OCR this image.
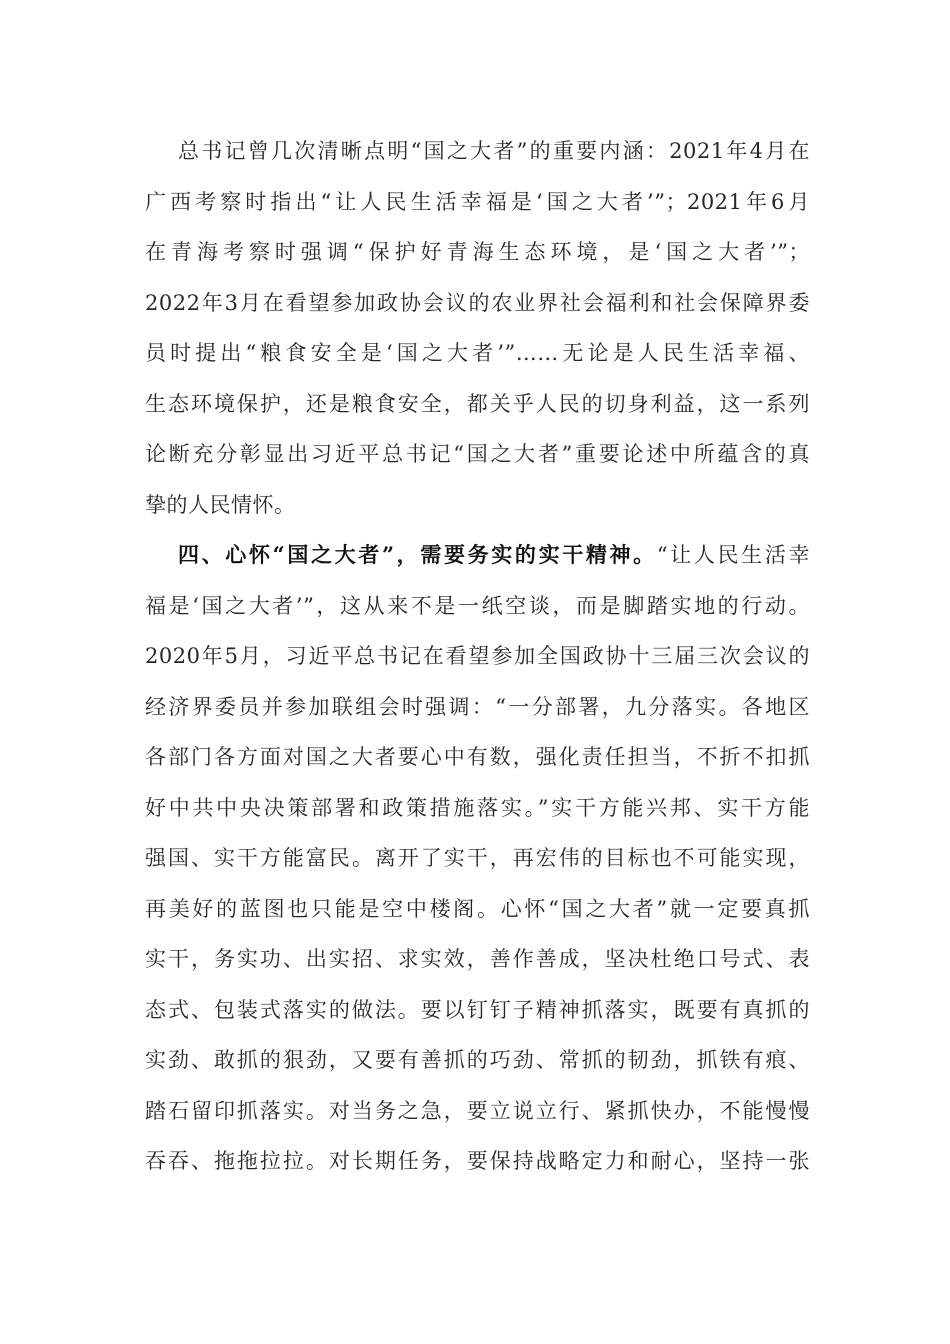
总书记曾几次清晰点明“国之大者”的重要内涵：2021年4月在
广西考察时指出“让人民生活幸福是‘国之大者’”；2021年6月
在青海考察时强调“保护好青海生态环境，是‘国之大者’”；
2022年3月在看望参加政协会议的农业界社会福利和社会保障界委
员时提出“粮食安全是‘国之大者’”……无论是人民生活幸福、
生态环境保护，还是粮食安全，都关乎人民的切身利益，这一系列
论断充分彰显出习近平总书记“国之大者”重要论述中所蕴含的真
挚的人民情怀。
四、心怀“国之大者”，需要务实的实干精神。“让人民生活幸
福是‘国之大者’”，这从来不是一纸空谈，而是脚踏实地的行动。
2020年5月，习近平总书记在看望参加全国政协十三届三次会议的
经济界委员并参加联组会时强调：“一分部署，九分落实。各地区
各部门各方面对国之大者要心中有数，强化责任担当，不折不扣抓
好中共中央决策部署和政策措施落实。”实干方能兴邦、实干方能
强国、实干方能富民。离开了实干，再宏伟的目标也不可能实现，
再美好的蓝图也只能是空中楼阁。心怀“国之大者”就一定要真抓
实干，务实功、出实招、求实效，善作善成，坚决杜绝口号式、表
态式、包装式落实的做法。要以钉钉子精神抓落实，既要有真抓的
实劲、敢抓的狠劲，又要有善抓的巧劲、常抓的韧劲，抓铁有痕、
踏石留印抓落实。对当务之急，要立说立行、紧抓快办，不能慢慢
吞吞、拖拖拉拉。对长期任务，要保持战略定力和耐心，坚持一张
